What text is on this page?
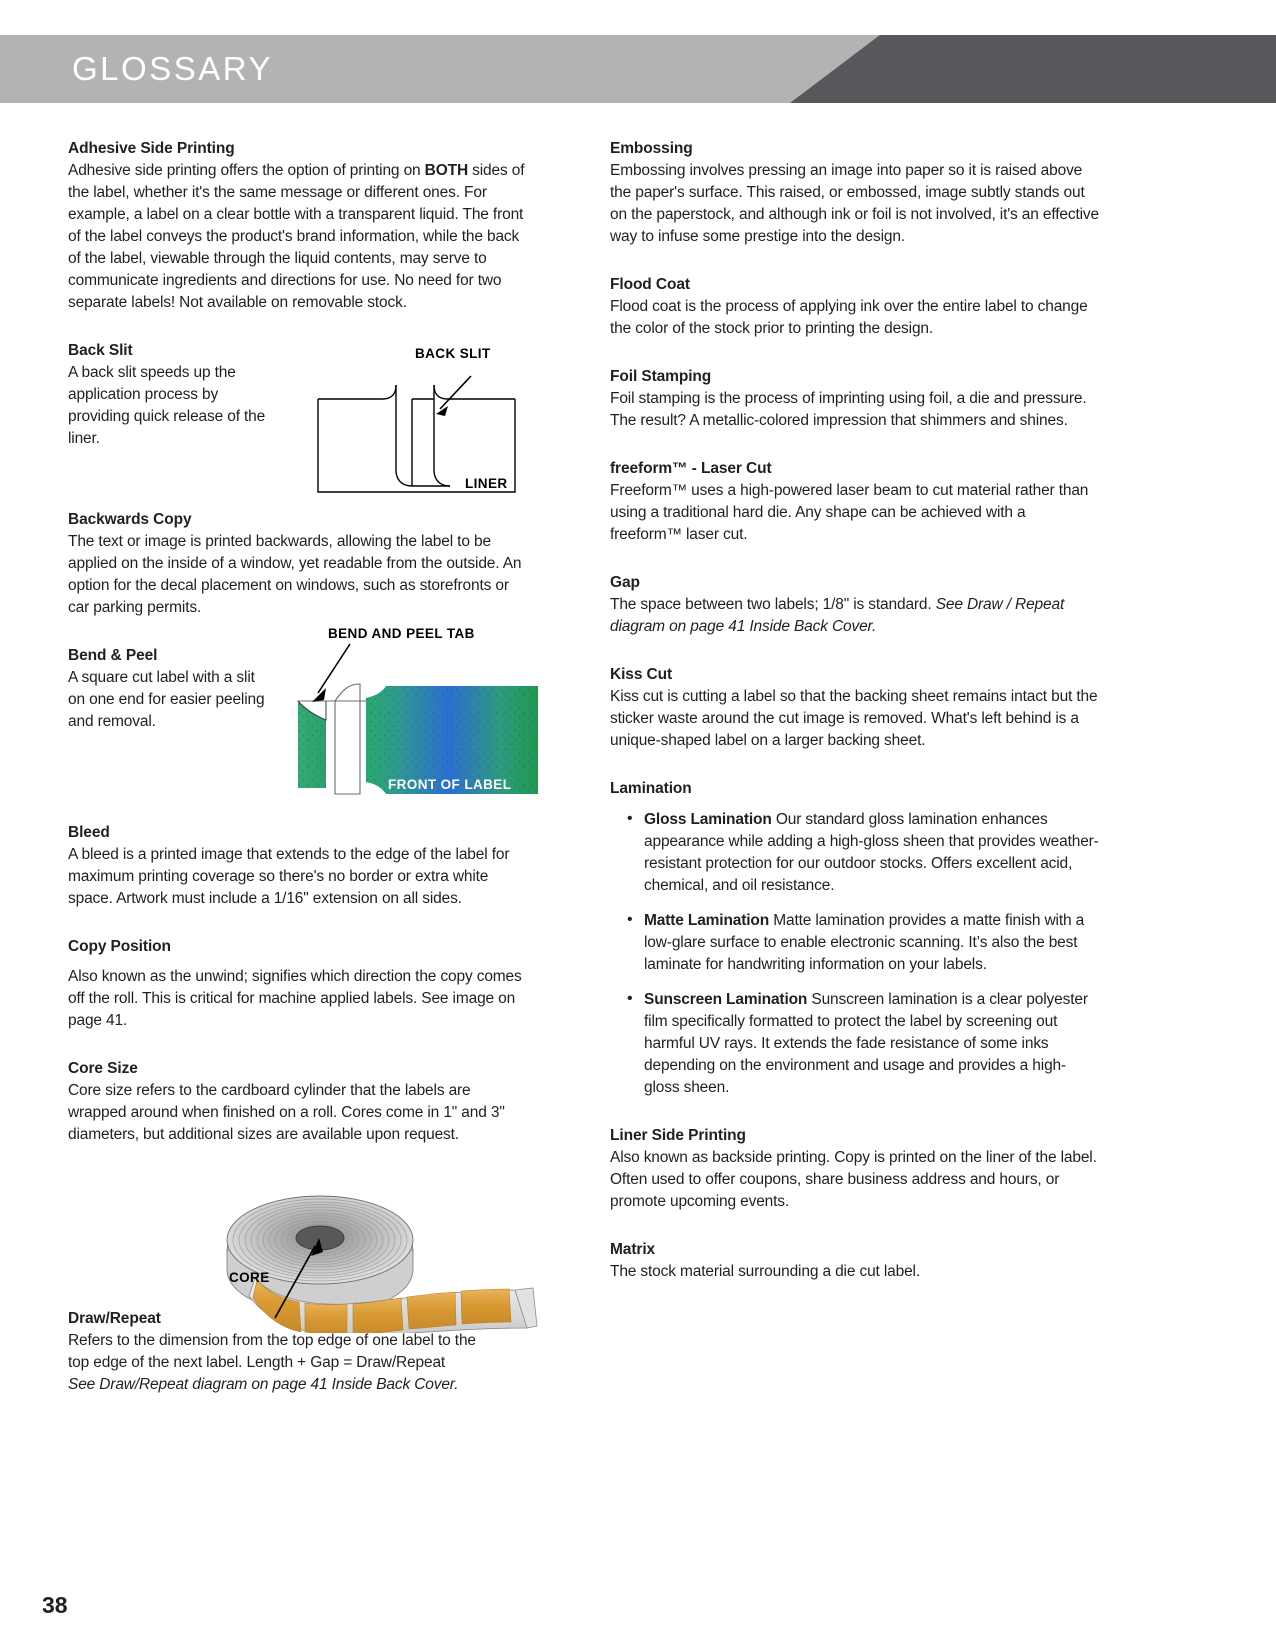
GLOSSARY
Adhesive Side Printing
Adhesive side printing offers the option of printing on BOTH sides of the label, whether it's the same message or different ones. For example, a label on a clear bottle with a transparent liquid. The front of the label conveys the product's brand information, while the back of the label, viewable through the liquid contents, may serve to communicate ingredients and directions for use. No need for two separate labels! Not available on removable stock.
Back Slit
A back slit speeds up the application process by providing quick release of the liner.
Backwards Copy
The text or image is printed backwards, allowing the label to be applied on the inside of a window, yet readable from the outside. An option for the decal placement on windows, such as storefronts or car parking permits.
Bend & Peel
A square cut label with a slit on one end for easier peeling and removal.
Bleed
A bleed is a printed image that extends to the edge of the label for maximum printing coverage so there's no border or extra white space. Artwork must include a 1/16" extension on all sides.
Copy Position
Also known as the unwind; signifies which direction the copy comes off the roll. This is critical for machine applied labels. See image on page 41.
Core Size
Core size refers to the cardboard cylinder that the labels are wrapped around when finished on a roll. Cores come in 1" and 3" diameters, but additional sizes are available upon request.
Draw/Repeat
Refers to the dimension from the top edge of one label to the top edge of the next label. Length + Gap = Draw/Repeat
See Draw/Repeat diagram on page 41 Inside Back Cover.
Embossing
Embossing involves pressing an image into paper so it is raised above the paper's surface. This raised, or embossed, image subtly stands out on the paperstock, and although ink or foil is not involved, it's an effective way to infuse some prestige into the design.
Flood Coat
Flood coat is the process of applying ink over the entire label to change the color of the stock prior to printing the design.
Foil Stamping
Foil stamping is the process of imprinting using foil, a die and pressure. The result? A metallic-colored impression that shimmers and shines.
freeform™ - Laser Cut
Freeform™ uses a high-powered laser beam to cut material rather than using a traditional hard die. Any shape can be achieved with a freeform™ laser cut.
Gap
The space between two labels; 1/8" is standard. See Draw / Repeat diagram on page 41 Inside Back Cover.
Kiss Cut
Kiss cut is cutting a label so that the backing sheet remains intact but the sticker waste around the cut image is removed. What's left behind is a unique-shaped label on a larger backing sheet.
Lamination
• Gloss Lamination Our standard gloss lamination enhances appearance while adding a high-gloss sheen that provides weather-resistant protection for our outdoor stocks. Offers excellent acid, chemical, and oil resistance.
• Matte Lamination Matte lamination provides a matte finish with a low-glare surface to enable electronic scanning. It’s also the best laminate for handwriting information on your labels.
• Sunscreen Lamination Sunscreen lamination is a clear polyester film specifically formatted to protect the label by screening out harmful UV rays. It extends the fade resistance of some inks depending on the environment and usage and provides a high-gloss sheen.
Liner Side Printing
Also known as backside printing. Copy is printed on the liner of the label. Often used to offer coupons, share business address and hours, or promote upcoming events.
Matrix
The stock material surrounding a die cut label.
BACK SLIT
LINER
BEND AND PEEL TAB
FRONT OF LABEL
CORE
38
